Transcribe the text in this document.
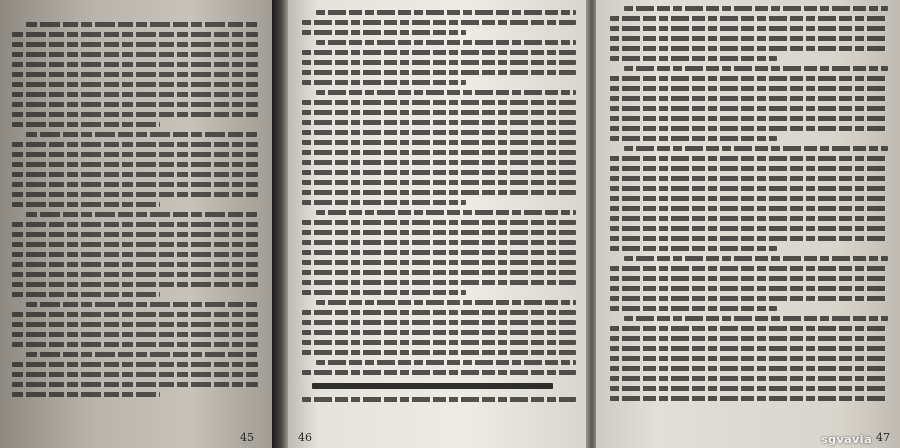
45	46	47
sgvavia
